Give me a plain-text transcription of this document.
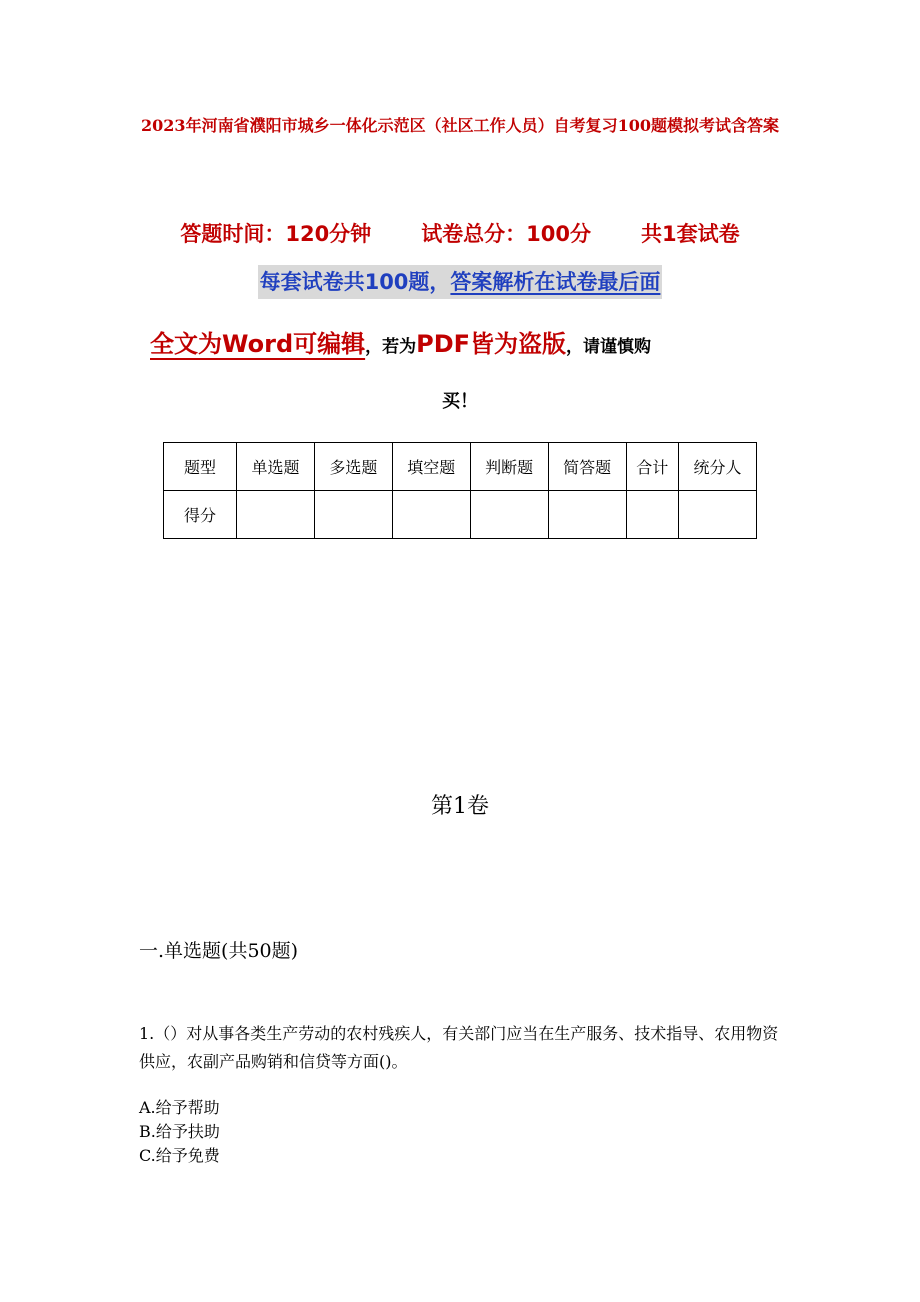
2023年河南省濮阳市城乡一体化示范区（社区工作人员）自考复习100题模拟考试含答案
答题时间：120分钟 试卷总分：100分 共1套试卷
每套试卷共100题，答案解析在试卷最后面
全文为Word可编辑，若为PDF皆为盗版，请谨慎购
买！
题型	单选题	多选题	填空题	判断题	简答题	合计	统分人
得分							
第1卷
一.单选题(共50题)
1.（）对从事各类生产劳动的农村残疾人，有关部门应当在生产服务、技术指导、农用物资供应，农副产品购销和信贷等方面()。
A.给予帮助
B.给予扶助
C.给予免费
